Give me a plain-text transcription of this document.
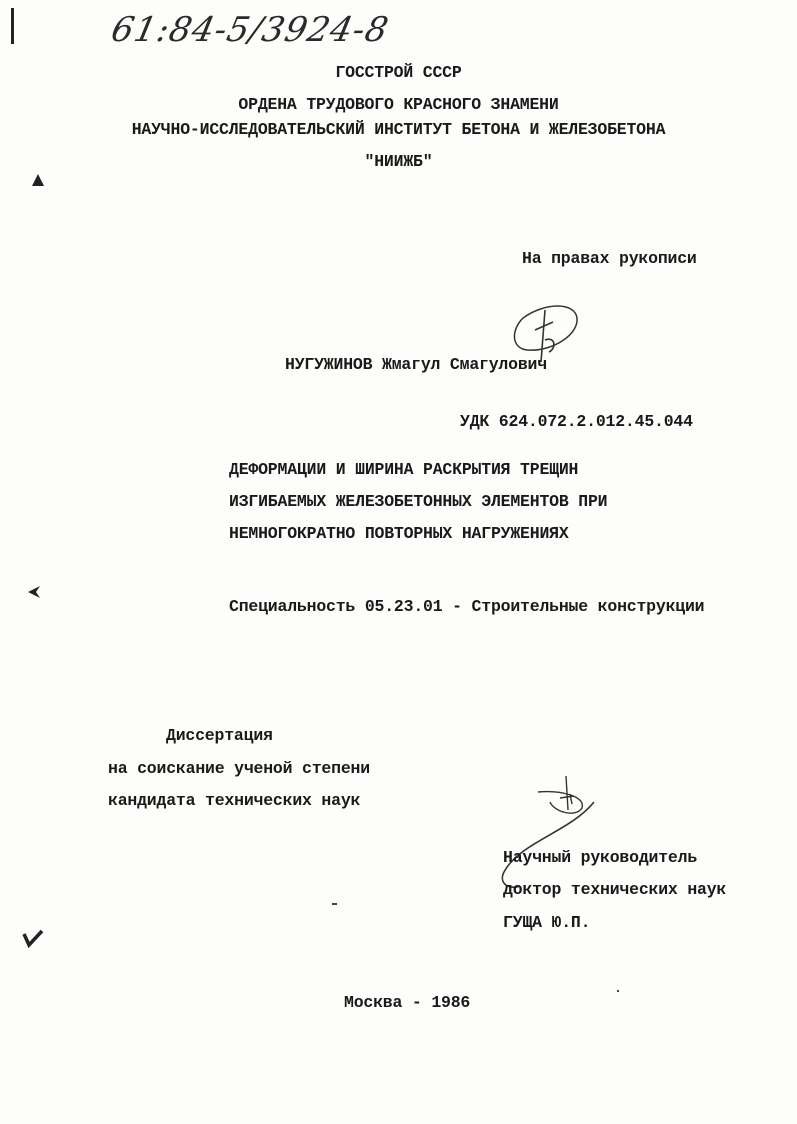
61:84-5/3924-8
ГОССТРОЙ СССР
ОРДЕНА ТРУДОВОГО КРАСНОГО ЗНАМЕНИ
НАУЧНО-ИССЛЕДОВАТЕЛЬСКИЙ ИНСТИТУТ БЕТОНА И ЖЕЛЕЗОБЕТОНА
"НИИЖБ"
На правах рукописи
НУГУЖИНОВ Жмагул Смагулович
УДК 624.072.2.012.45.044
ДЕФОРМАЦИИ И ШИРИНА РАСКРЫТИЯ ТРЕЩИН
ИЗГИБАЕМЫХ ЖЕЛЕЗОБЕТОННЫХ ЭЛЕМЕНТОВ ПРИ
НЕМНОГОКРАТНО ПОВТОРНЫХ НАГРУЖЕНИЯХ
Специальность 05.23.01 - Строительные конструкции
Диссертация
на соискание ученой степени
кандидата технических наук
Научный руководитель
доктор технических наук
ГУЩА Ю.П.
Москва - 1986
